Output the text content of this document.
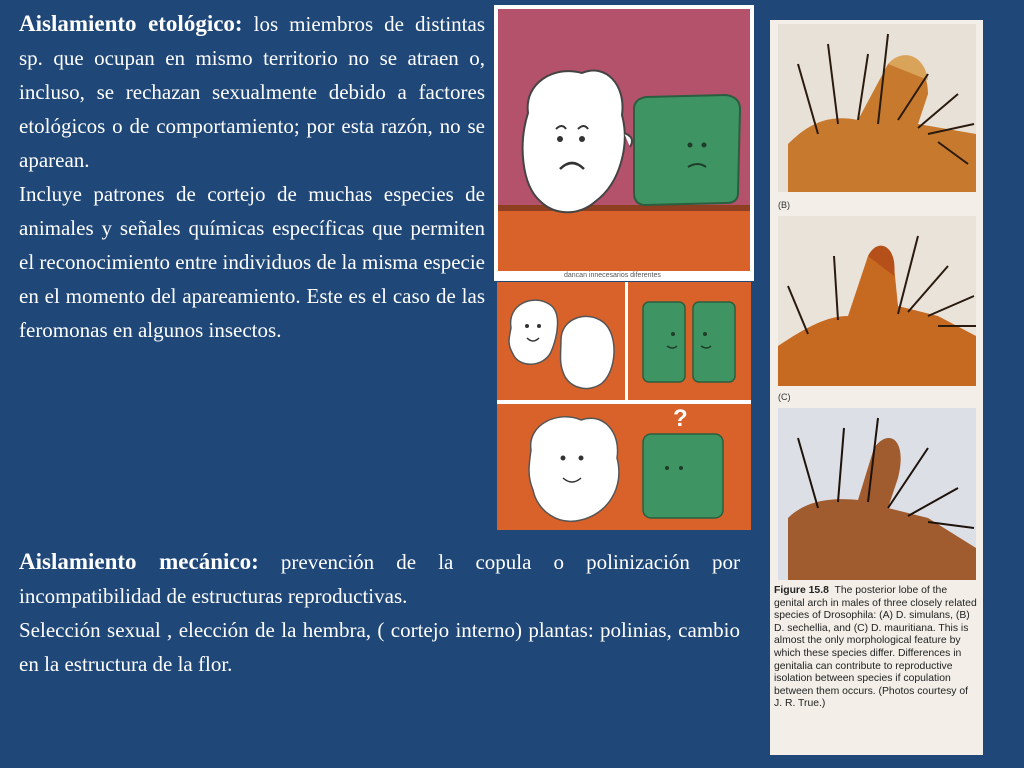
Aislamiento etológico: los miembros de distintas sp. que ocupan en mismo territorio no se atraen o, incluso, se rechazan sexualmente debido a factores etológicos o de comportamiento; por esta razón, no se aparean.
Incluye patrones de cortejo de muchas especies de animales y señales químicas específicas que permiten el reconocimiento entre individuos de la misma especie en el momento del apareamiento. Este es el caso de las feromonas en algunos insectos.
Aislamiento mecánico: prevención de la copula o polinización por incompatibilidad de estructuras reproductivas.
Selección sexual , elección de la hembra, ( cortejo interno) plantas: polinias, cambio en la estructura de la flor.
dancan innecesarios diferentes
?
(B)
(C)
Figure 15.8 The posterior lobe of the genital arch in males of three closely related species of Drosophila: (A) D. simulans, (B) D. sechellia, and (C) D. mauritiana. This is almost the only morphological feature by which these species differ. Differences in genitalia can contribute to reproductive isolation between species if copulation between them occurs. (Photos courtesy of J. R. True.)
